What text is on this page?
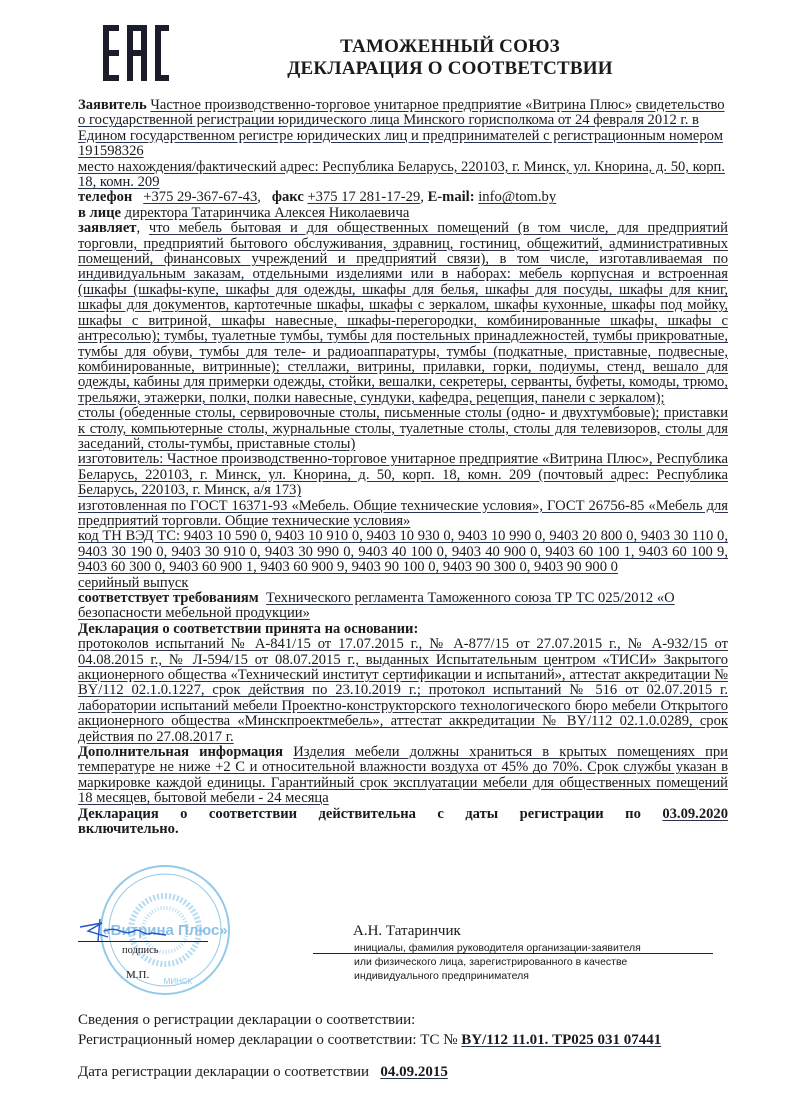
ТАМОЖЕННЫЙ СОЮЗ
ДЕКЛАРАЦИЯ О СООТВЕТСТВИИ

Заявитель Частное производственно-торговое унитарное предприятие «Витрина Плюс» свидетельство о государственной регистрации юридического лица Минского горисполкома от 24 февраля 2012 г. в Едином государственном регистре юридических лиц и предпринимателей с регистрационным номером 191598326
место нахождения/фактический адрес: Республика Беларусь, 220103, г. Минск, ул. Кнорина, д. 50, корп. 18, комн. 209

телефон +375 29-367-67-43,   факс +375 17 281-17-29, E-mail: info@tom.by

в лице директора Татаринчика Алексея Николаевича

заявляет, что мебель бытовая и для общественных помещений (в том числе, для предприятий торговли, предприятий бытового обслуживания, здравниц, гостиниц, общежитий, административных помещений, финансовых учреждений и предприятий связи), в том числе, изготавливаемая по индивидуальным заказам, отдельными изделиями или в наборах: мебель корпусная и встроенная (шкафы (шкафы-купе, шкафы для одежды, шкафы для белья, шкафы для посуды, шкафы для книг, шкафы для документов, картотечные шкафы, шкафы с зеркалом, шкафы кухонные, шкафы под мойку, шкафы с витриной, шкафы навесные, шкафы-перегородки, комбинированные шкафы, шкафы с антресолью); тумбы, туалетные тумбы, тумбы для постельных принадлежностей, тумбы прикроватные, тумбы для обуви, тумбы для теле- и радиоаппаратуры, тумбы (подкатные, приставные, подвесные, комбинированные, витринные); стеллажи, витрины, прилавки, горки, подиумы, стенд, вешало для одежды, кабины для примерки одежды, стойки, вешалки, секретеры, серванты, буфеты, комоды, трюмо, трельяжи, этажерки, полки, полки навесные, сундуки, кафедра, рецепция, панели с зеркалом);

столы (обеденные столы, сервировочные столы, письменные столы (одно- и двухтумбовые); приставки к столу, компьютерные столы, журнальные столы, туалетные столы, столы для телевизоров, столы для заседаний, столы-тумбы, приставные столы)

изготовитель: Частное производственно-торговое унитарное предприятие «Витрина Плюс», Республика Беларусь, 220103, г. Минск, ул. Кнорина, д. 50, корп. 18, комн. 209 (почтовый адрес: Республика Беларусь, 220103, г. Минск, а/я 173)

изготовленная по ГОСТ 16371-93 «Мебель. Общие технические условия», ГОСТ 26756-85 «Мебель для предприятий торговли. Общие технические условия»

код ТН ВЭД ТС: 9403 10 590 0, 9403 10 910 0, 9403 10 930 0, 9403 10 990 0, 9403 20 800 0, 9403 30 110 0, 9403 30 190 0, 9403 30 910 0, 9403 30 990 0, 9403 40 100 0, 9403 40 900 0, 9403 60 100 1, 9403 60 100 9, 9403 60 300 0, 9403 60 900 1, 9403 60 900 9, 9403 90 100 0, 9403 90 300 0, 9403 90 900 0

серийный выпуск

соответствует требованиям Технического регламента Таможенного союза ТР ТС 025/2012 «О безопасности мебельной продукции»

Декларация о соответствии принята на основании:

протоколов испытаний № А-841/15 от 17.07.2015 г., № А-877/15 от 27.07.2015 г., № А-932/15 от 04.08.2015 г., № Л-594/15 от 08.07.2015 г., выданных Испытательным центром «ТИСИ» Закрытого акционерного общества «Технический институт сертификации и испытаний», аттестат аккредитации № BY/112 02.1.0.1227, срок действия по 23.10.2019 г.; протокол испытаний № 516 от 02.07.2015 г. лаборатории испытаний мебели Проектно-конструкторского технологического бюро мебели Открытого акционерного общества «Минскпроектмебель», аттестат аккредитации № BY/112 02.1.0.0289, срок действия по 27.08.2017 г.

Дополнительная информация Изделия мебели должны храниться в крытых помещениях при температуре не ниже +2 С и относительной влажности воздуха от 45% до 70%. Срок службы указан в маркировке каждой единицы. Гарантийный срок эксплуатации мебели для общественных помещений 18 месяцев, бытовой мебели - 24 месяца

Декларация о соответствии действительна с даты регистрации по 03.09.2020

включительно.

«Витрина Плюс»
МИНСК
подпись
М.П.
А.Н. Татаринчик
инициалы, фамилия руководителя организации-заявителя
или физического лица, зарегистрированного в качестве
индивидуального предпринимателя

Сведения о регистрации декларации о соответствии:

Регистрационный номер декларации о соответствии: ТС № BY/112 11.01. ТР025 031 07441

Дата регистрации декларации о соответствии 04.09.2015
